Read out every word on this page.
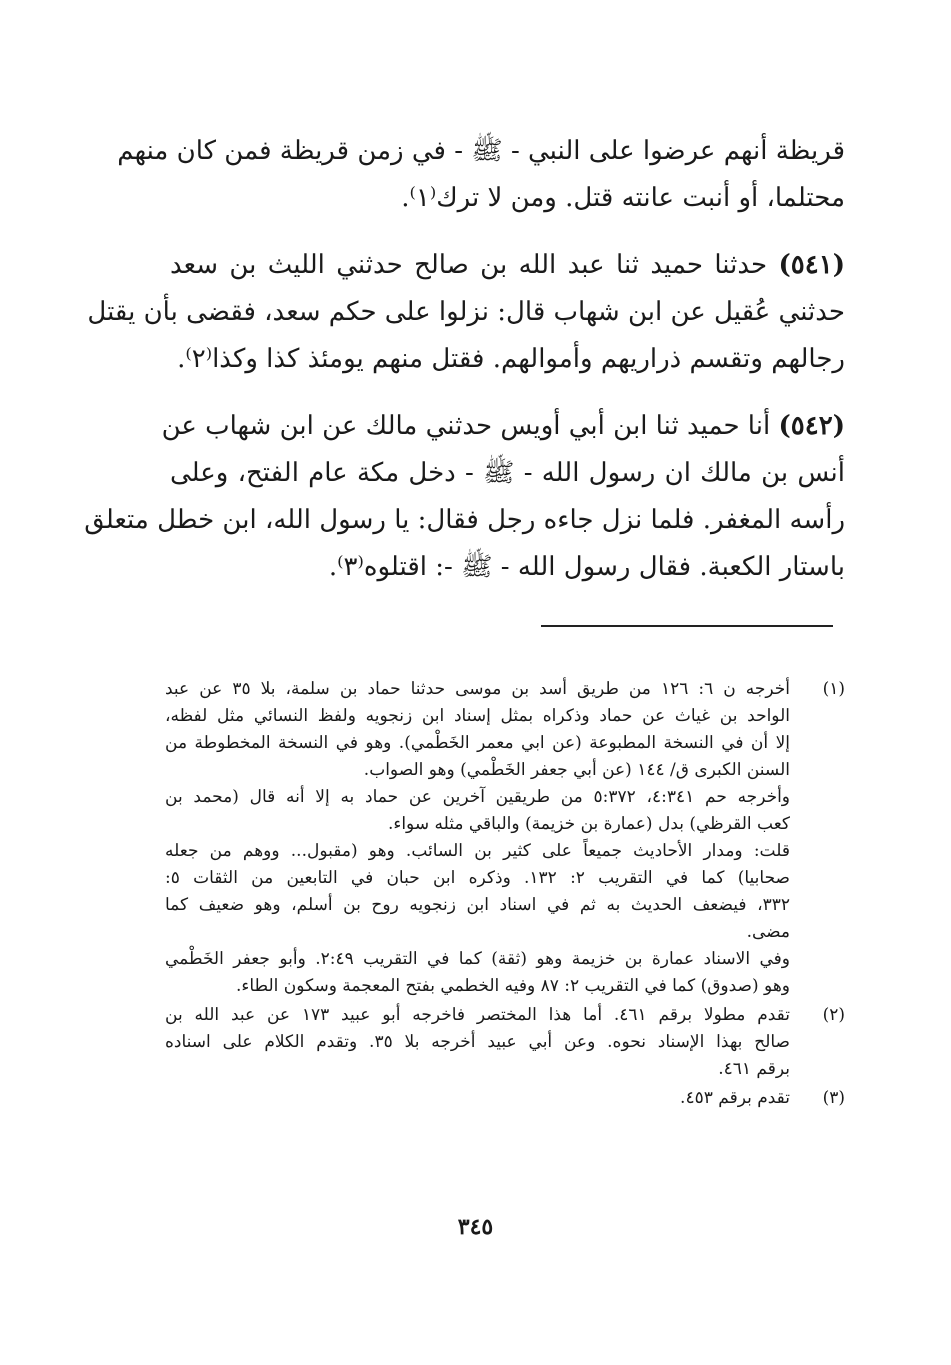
قريظة أنهم عرضوا على النبي - ﷺ - في زمن قريظة فمن كان منهم
محتلما، أو أنبت عانته قتل. ومن لا ترك⁽١⁾.
(٥٤١) حدثنا حميد ثنا عبد الله بن صالح حدثني الليث بن سعد
حدثني عُقيل عن ابن شهاب قال: نزلوا على حكم سعد، فقضى بأن يقتل
رجالهم وتقسم ذراريهم وأموالهم. فقتل منهم يومئذ كذا وكذا⁽٢⁾.
(٥٤٢) أنا حميد ثنا ابن أبي أويس حدثني مالك عن ابن شهاب عن
أنس بن مالك ان رسول الله - ﷺ - دخل مكة عام الفتح، وعلى
رأسه المغفر. فلما نزل جاءه رجل فقال: يا رسول الله، ابن خطل متعلق
باستار الكعبة. فقال رسول الله - ﷺ -: اقتلوه⁽٣⁾.
(١)
أخرجه ن ٦: ١٢٦ من طريق أسد بن موسى حدثنا حماد بن سلمة، بلا ٣٥ عن عبد
الواحد بن غياث عن حماد وذكراه بمثل إسناد ابن زنجويه ولفظ النسائي مثل لفظه،
إلا أن في النسخة المطبوعة (عن ابي معمر الخَطْمي). وهو في النسخة المخطوطة من
السنن الكبرى ق/ ١٤٤ (عن أبي جعفر الخَطْمي) وهو الصواب.
وأخرجه حم ٤:٣٤١، ٥:٣٧٢ من طريقين آخرين عن حماد به إلا أنه قال (محمد بن
كعب القرظي) بدل (عمارة بن خزيمة) والباقي مثله سواء.
قلت: ومدار الأحاديث جميعاً على كثير بن السائب. وهو (مقبول... ووهم من جعله
صحابيا) كما في التقريب ٢: ١٣٢. وذكره ابن حبان في التابعين من الثقات ٥:
٣٣٢، فيضعف الحديث به ثم في اسناد ابن زنجويه روح بن أسلم، وهو ضعيف كما
مضى.
وفي الاسناد عمارة بن خزيمة وهو (ثقة) كما في التقريب ٢:٤٩. وأبو جعفر الخَطْمي
وهو (صدوق) كما في التقريب ٢: ٨٧ وفيه الخطمي بفتح المعجمة وسكون الطاء.
(٢)
تقدم مطولا برقم ٤٦١. أما هذا المختصر فاخرجه أبو عبيد ١٧٣ عن عبد الله بن
صالح بهذا الإسناد نحوه. وعن أبي عبيد أخرجه بلا ٣٥. وتقدم الكلام على اسناده
برقم ٤٦١.
(٣)
تقدم برقم ٤٥٣.
٣٤٥
